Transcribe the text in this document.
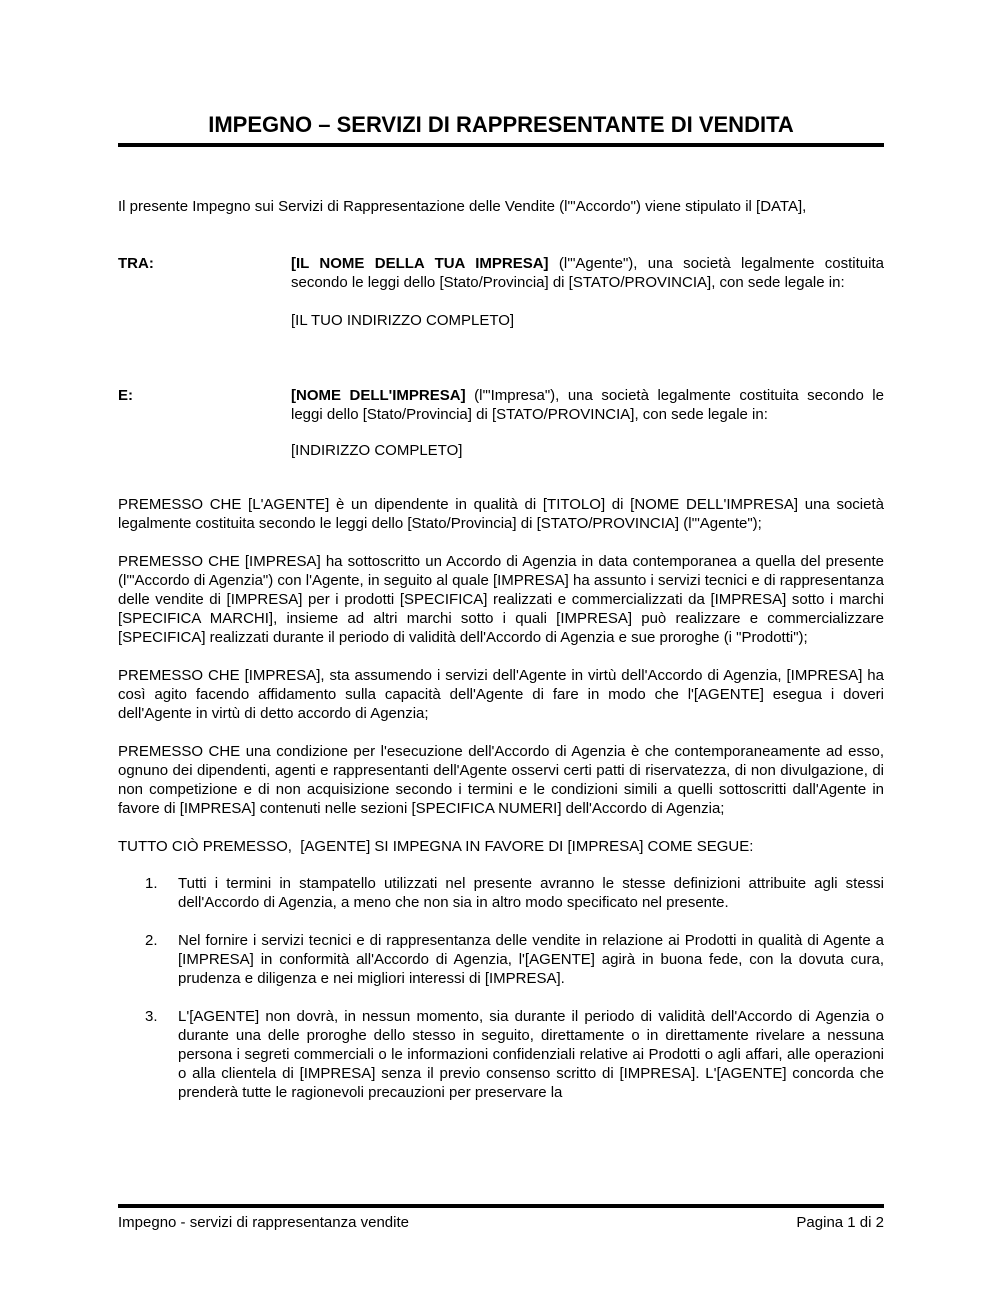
IMPEGNO – SERVIZI DI RAPPRESENTANTE DI VENDITA

Il presente Impegno sui Servizi di Rappresentazione delle Vendite (l'"Accordo") viene stipulato il [DATA],

TRA:	[IL NOME DELLA TUA IMPRESA] (l'"Agente"), una società legalmente costituita secondo le leggi dello [Stato/Provincia] di [STATO/PROVINCIA], con sede legale in:

[IL TUO INDIRIZZO COMPLETO]

E:	[NOME DELL'IMPRESA] (l'"Impresa"), una società legalmente costituita secondo le leggi dello [Stato/Provincia] di [STATO/PROVINCIA], con sede legale in:

[INDIRIZZO COMPLETO]

PREMESSO CHE [L'AGENTE] è un dipendente in qualità di [TITOLO] di [NOME DELL'IMPRESA] una società legalmente costituita secondo le leggi dello [Stato/Provincia] di [STATO/PROVINCIA] (l'"Agente");

PREMESSO CHE [IMPRESA] ha sottoscritto un Accordo di Agenzia in data contemporanea a quella del presente (l'"Accordo di Agenzia") con l'Agente, in seguito al quale [IMPRESA] ha assunto i servizi tecnici e di rappresentanza delle vendite di [IMPRESA] per i prodotti [SPECIFICA] realizzati e commercializzati da [IMPRESA] sotto i marchi [SPECIFICA MARCHI], insieme ad altri marchi sotto i quali [IMPRESA] può realizzare e commercializzare [SPECIFICA] realizzati durante il periodo di validità dell'Accordo di Agenzia e sue proroghe (i "Prodotti");

PREMESSO CHE [IMPRESA], sta assumendo i servizi dell'Agente in virtù dell'Accordo di Agenzia, [IMPRESA] ha così agito facendo affidamento sulla capacità dell'Agente di fare in modo che l'[AGENTE] esegua i doveri dell'Agente in virtù di detto accordo di Agenzia;

PREMESSO CHE una condizione per l'esecuzione dell'Accordo di Agenzia è che contemporaneamente ad esso, ognuno dei dipendenti, agenti e rappresentanti dell'Agente osservi certi patti di riservatezza, di non divulgazione, di non competizione e di non acquisizione secondo i termini e le condizioni simili a quelli sottoscritti dall'Agente in favore di [IMPRESA] contenuti nelle sezioni [SPECIFICA NUMERI] dell'Accordo di Agenzia;

TUTTO CIÒ PREMESSO,  [AGENTE] SI IMPEGNA IN FAVORE DI [IMPRESA] COME SEGUE:

1.	Tutti i termini in stampatello utilizzati nel presente avranno le stesse definizioni attribuite agli stessi dell'Accordo di Agenzia, a meno che non sia in altro modo specificato nel presente.
2.	Nel fornire i servizi tecnici e di rappresentanza delle vendite in relazione ai Prodotti in qualità di Agente a [IMPRESA] in conformità all'Accordo di Agenzia, l'[AGENTE] agirà in buona fede, con la dovuta cura, prudenza e diligenza e nei migliori interessi di [IMPRESA].
3.	L'[AGENTE] non dovrà, in nessun momento, sia durante il periodo di validità dell'Accordo di Agenzia o durante una delle proroghe dello stesso in seguito, direttamente o in direttamente rivelare a nessuna persona i segreti commerciali o le informazioni confidenziali relative ai Prodotti o agli affari, alle operazioni o alla clientela di [IMPRESA] senza il previo consenso scritto di [IMPRESA]. L'[AGENTE] concorda che prenderà tutte le ragionevoli precauzioni per preservare la
Impegno - servizi di rappresentanza vendite	Pagina 1 di 2
